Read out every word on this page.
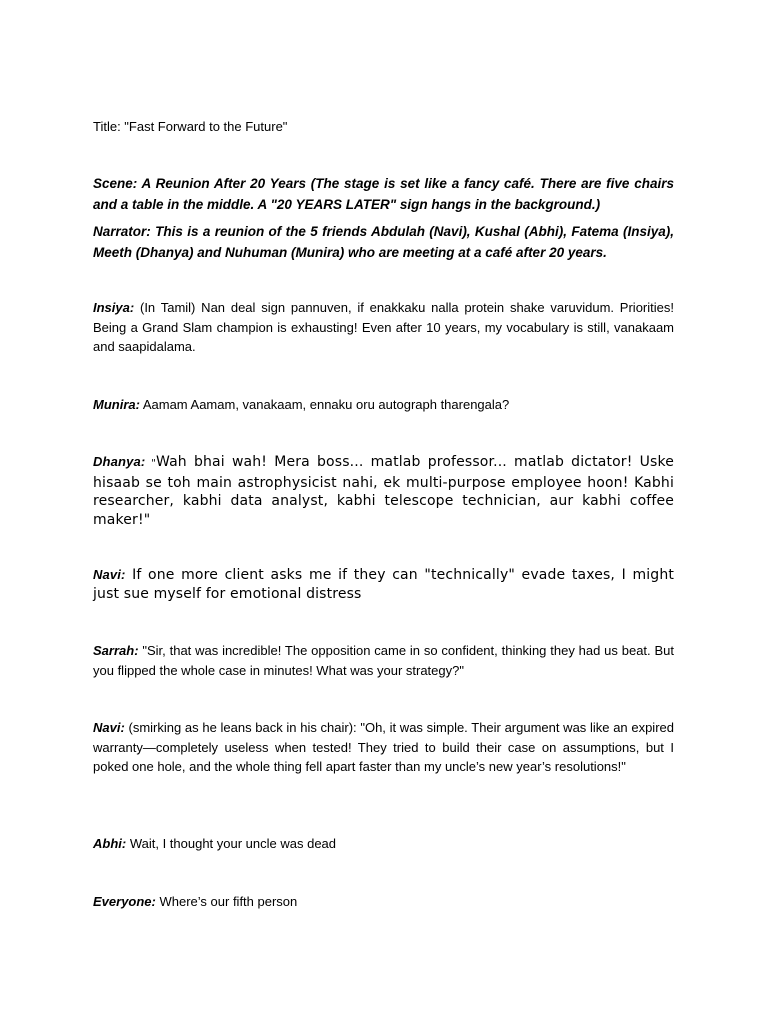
Title: "Fast Forward to the Future"

Scene: A Reunion After 20 Years (The stage is set like a fancy café. There are five chairs and a table in the middle. A "20 YEARS LATER" sign hangs in the background.)

Narrator: This is a reunion of the 5 friends Abdulah (Navi), Kushal (Abhi), Fatema (Insiya), Meeth (Dhanya) and Nuhuman (Munira) who are meeting at a café after 20 years.

Insiya: (In Tamil) Nan deal sign pannuven, if enakkaku nalla protein shake varuvidum. Priorities! Being a Grand Slam champion is exhausting! Even after 10 years, my vocabulary is still, vanakaam and saapidalama.

Munira: Aamam Aamam, vanakaam, ennaku oru autograph tharengala?

Dhanya: "Wah bhai wah! Mera boss... matlab professor... matlab dictator! Uske hisaab se toh main astrophysicist nahi, ek multi-purpose employee hoon! Kabhi researcher, kabhi data analyst, kabhi telescope technician, aur kabhi coffee maker!"

Navi: If one more client asks me if they can "technically" evade taxes, I might just sue myself for emotional distress

Sarrah: "Sir, that was incredible! The opposition came in so confident, thinking they had us beat. But you flipped the whole case in minutes! What was your strategy?"

Navi: (smirking as he leans back in his chair): "Oh, it was simple. Their argument was like an expired warranty—completely useless when tested! They tried to build their case on assumptions, but I poked one hole, and the whole thing fell apart faster than my uncle’s new year’s resolutions!"

Abhi: Wait, I thought your uncle was dead

Everyone: Where’s our fifth person
